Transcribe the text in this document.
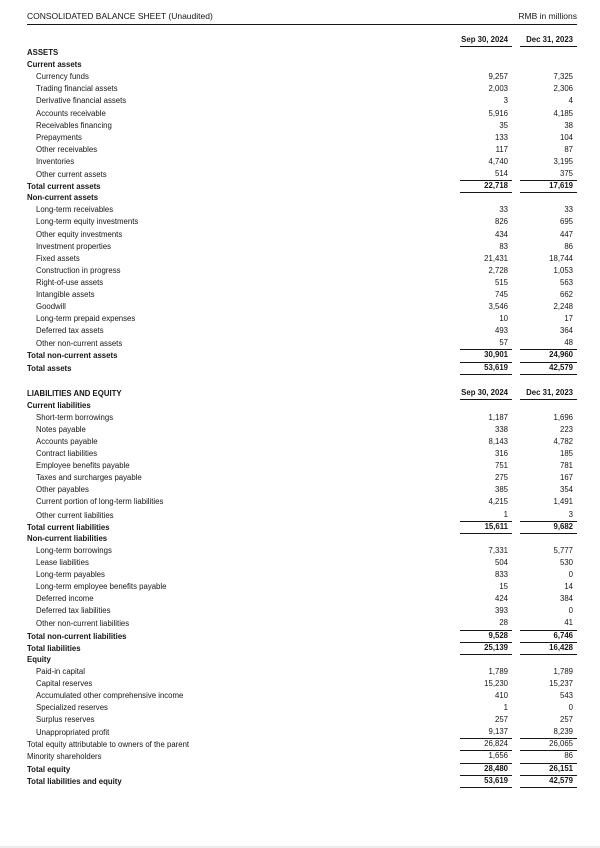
CONSOLIDATED BALANCE SHEET (Unaudited)	RMB in millions
Sep 30, 2024	Dec 31, 2023
ASSETS
Current assets
Currency funds	9,257	7,325
Trading financial assets	2,003	2,306
Derivative financial assets	3	4
Accounts receivable	5,916	4,185
Receivables financing	35	38
Prepayments	133	104
Other receivables	117	87
Inventories	4,740	3,195
Other current assets	514	375
Total current assets	22,718	17,619
Non-current assets
Long-term receivables	33	33
Long-term equity investments	826	695
Other equity investments	434	447
Investment properties	83	86
Fixed assets	21,431	18,744
Construction in progress	2,728	1,053
Right-of-use assets	515	563
Intangible assets	745	662
Goodwill	3,546	2,248
Long-term prepaid expenses	10	17
Deferred tax assets	493	364
Other non-current assets	57	48
Total non-current assets	30,901	24,960
Total assets	53,619	42,579
LIABILITIES AND EQUITY	Sep 30, 2024	Dec 31, 2023
Current liabilities
Short-term borrowings	1,187	1,696
Notes payable	338	223
Accounts payable	8,143	4,782
Contract liabilities	316	185
Employee benefits payable	751	781
Taxes and surcharges payable	275	167
Other payables	385	354
Current portion of long-term liabilities	4,215	1,491
Other current liabilities	1	3
Total current liabilities	15,611	9,682
Non-current liabilities
Long-term borrowings	7,331	5,777
Lease liabilities	504	530
Long-term payables	833	0
Long-term employee benefits payable	15	14
Deferred income	424	384
Deferred tax liabilities	393	0
Other non-current liabilities	28	41
Total non-current liabilities	9,528	6,746
Total liabilities	25,139	16,428
Equity
Paid-in capital	1,789	1,789
Capital reserves	15,230	15,237
Accumulated other comprehensive income	410	543
Specialized reserves	1	0
Surplus reserves	257	257
Unappropriated profit	9,137	8,239
Total equity attributable to owners of the parent	26,824	26,065
Minority shareholders	1,656	86
Total equity	28,480	26,151
Total liabilities and equity	53,619	42,579
